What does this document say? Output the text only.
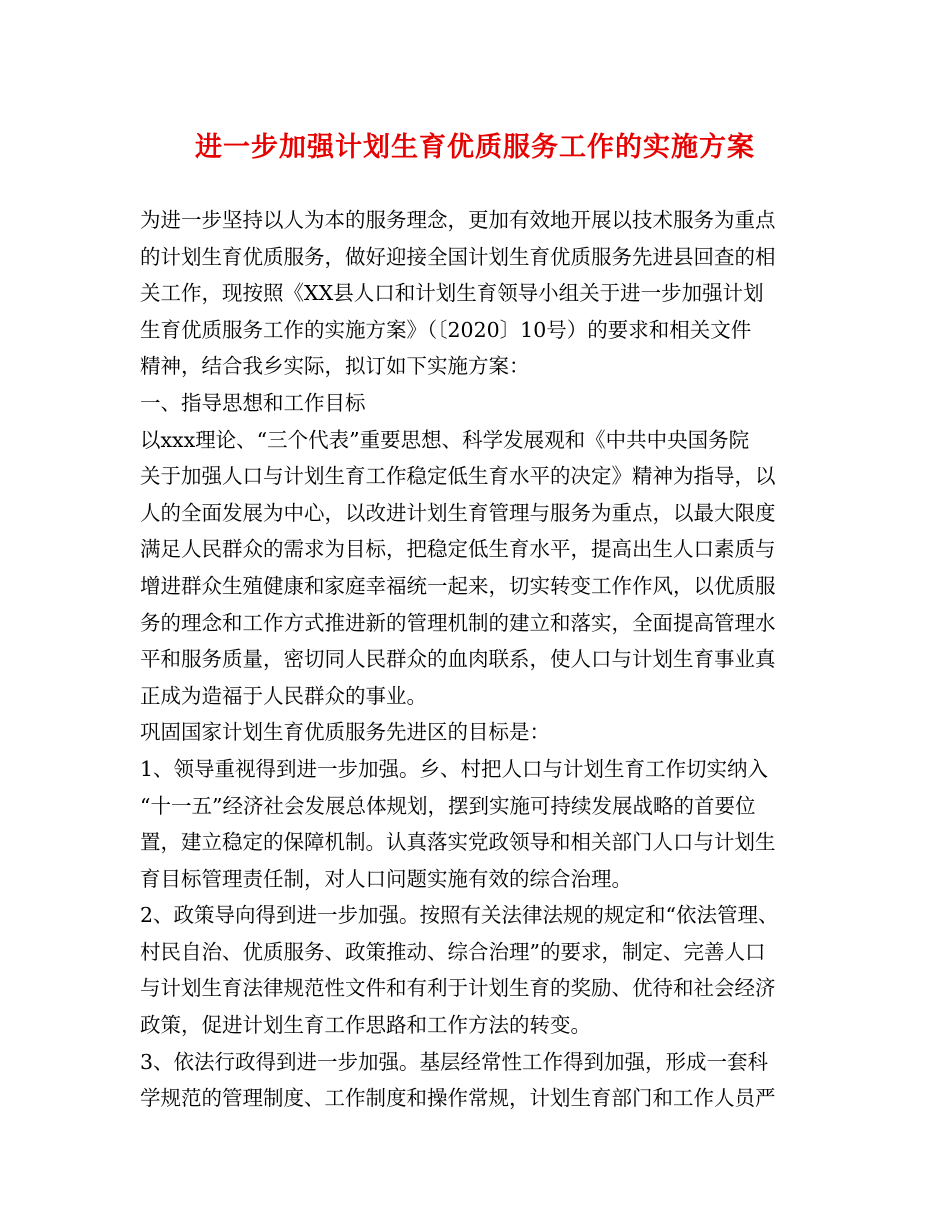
进一步加强计划生育优质服务工作的实施方案

为进一步坚持以人为本的服务理念，更加有效地开展以技术服务为重点

的计划生育优质服务，做好迎接全国计划生育优质服务先进县回查的相

关工作，现按照《XX县人口和计划生育领导小组关于进一步加强计划

生育优质服务工作的实施方案》（〔2020〕10号）的要求和相关文件

精神，结合我乡实际，拟订如下实施方案：

一、指导思想和工作目标

以xxx理论、“三个代表”重要思想、科学发展观和《中共中央国务院

关于加强人口与计划生育工作稳定低生育水平的决定》精神为指导，以

人的全面发展为中心，以改进计划生育管理与服务为重点，以最大限度

满足人民群众的需求为目标，把稳定低生育水平，提高出生人口素质与

增进群众生殖健康和家庭幸福统一起来，切实转变工作作风，以优质服

务的理念和工作方式推进新的管理机制的建立和落实，全面提高管理水

平和服务质量，密切同人民群众的血肉联系，使人口与计划生育事业真

正成为造福于人民群众的事业。

巩固国家计划生育优质服务先进区的目标是：

1、领导重视得到进一步加强。乡、村把人口与计划生育工作切实纳入

“十一五”经济社会发展总体规划，摆到实施可持续发展战略的首要位

置，建立稳定的保障机制。认真落实党政领导和相关部门人口与计划生

育目标管理责任制，对人口问题实施有效的综合治理。

2、政策导向得到进一步加强。按照有关法律法规的规定和“依法管理、

村民自治、优质服务、政策推动、综合治理”的要求，制定、完善人口

与计划生育法律规范性文件和有利于计划生育的奖励、优待和社会经济

政策，促进计划生育工作思路和工作方法的转变。

3、依法行政得到进一步加强。基层经常性工作得到加强，形成一套科

学规范的管理制度、工作制度和操作常规，计划生育部门和工作人员严
